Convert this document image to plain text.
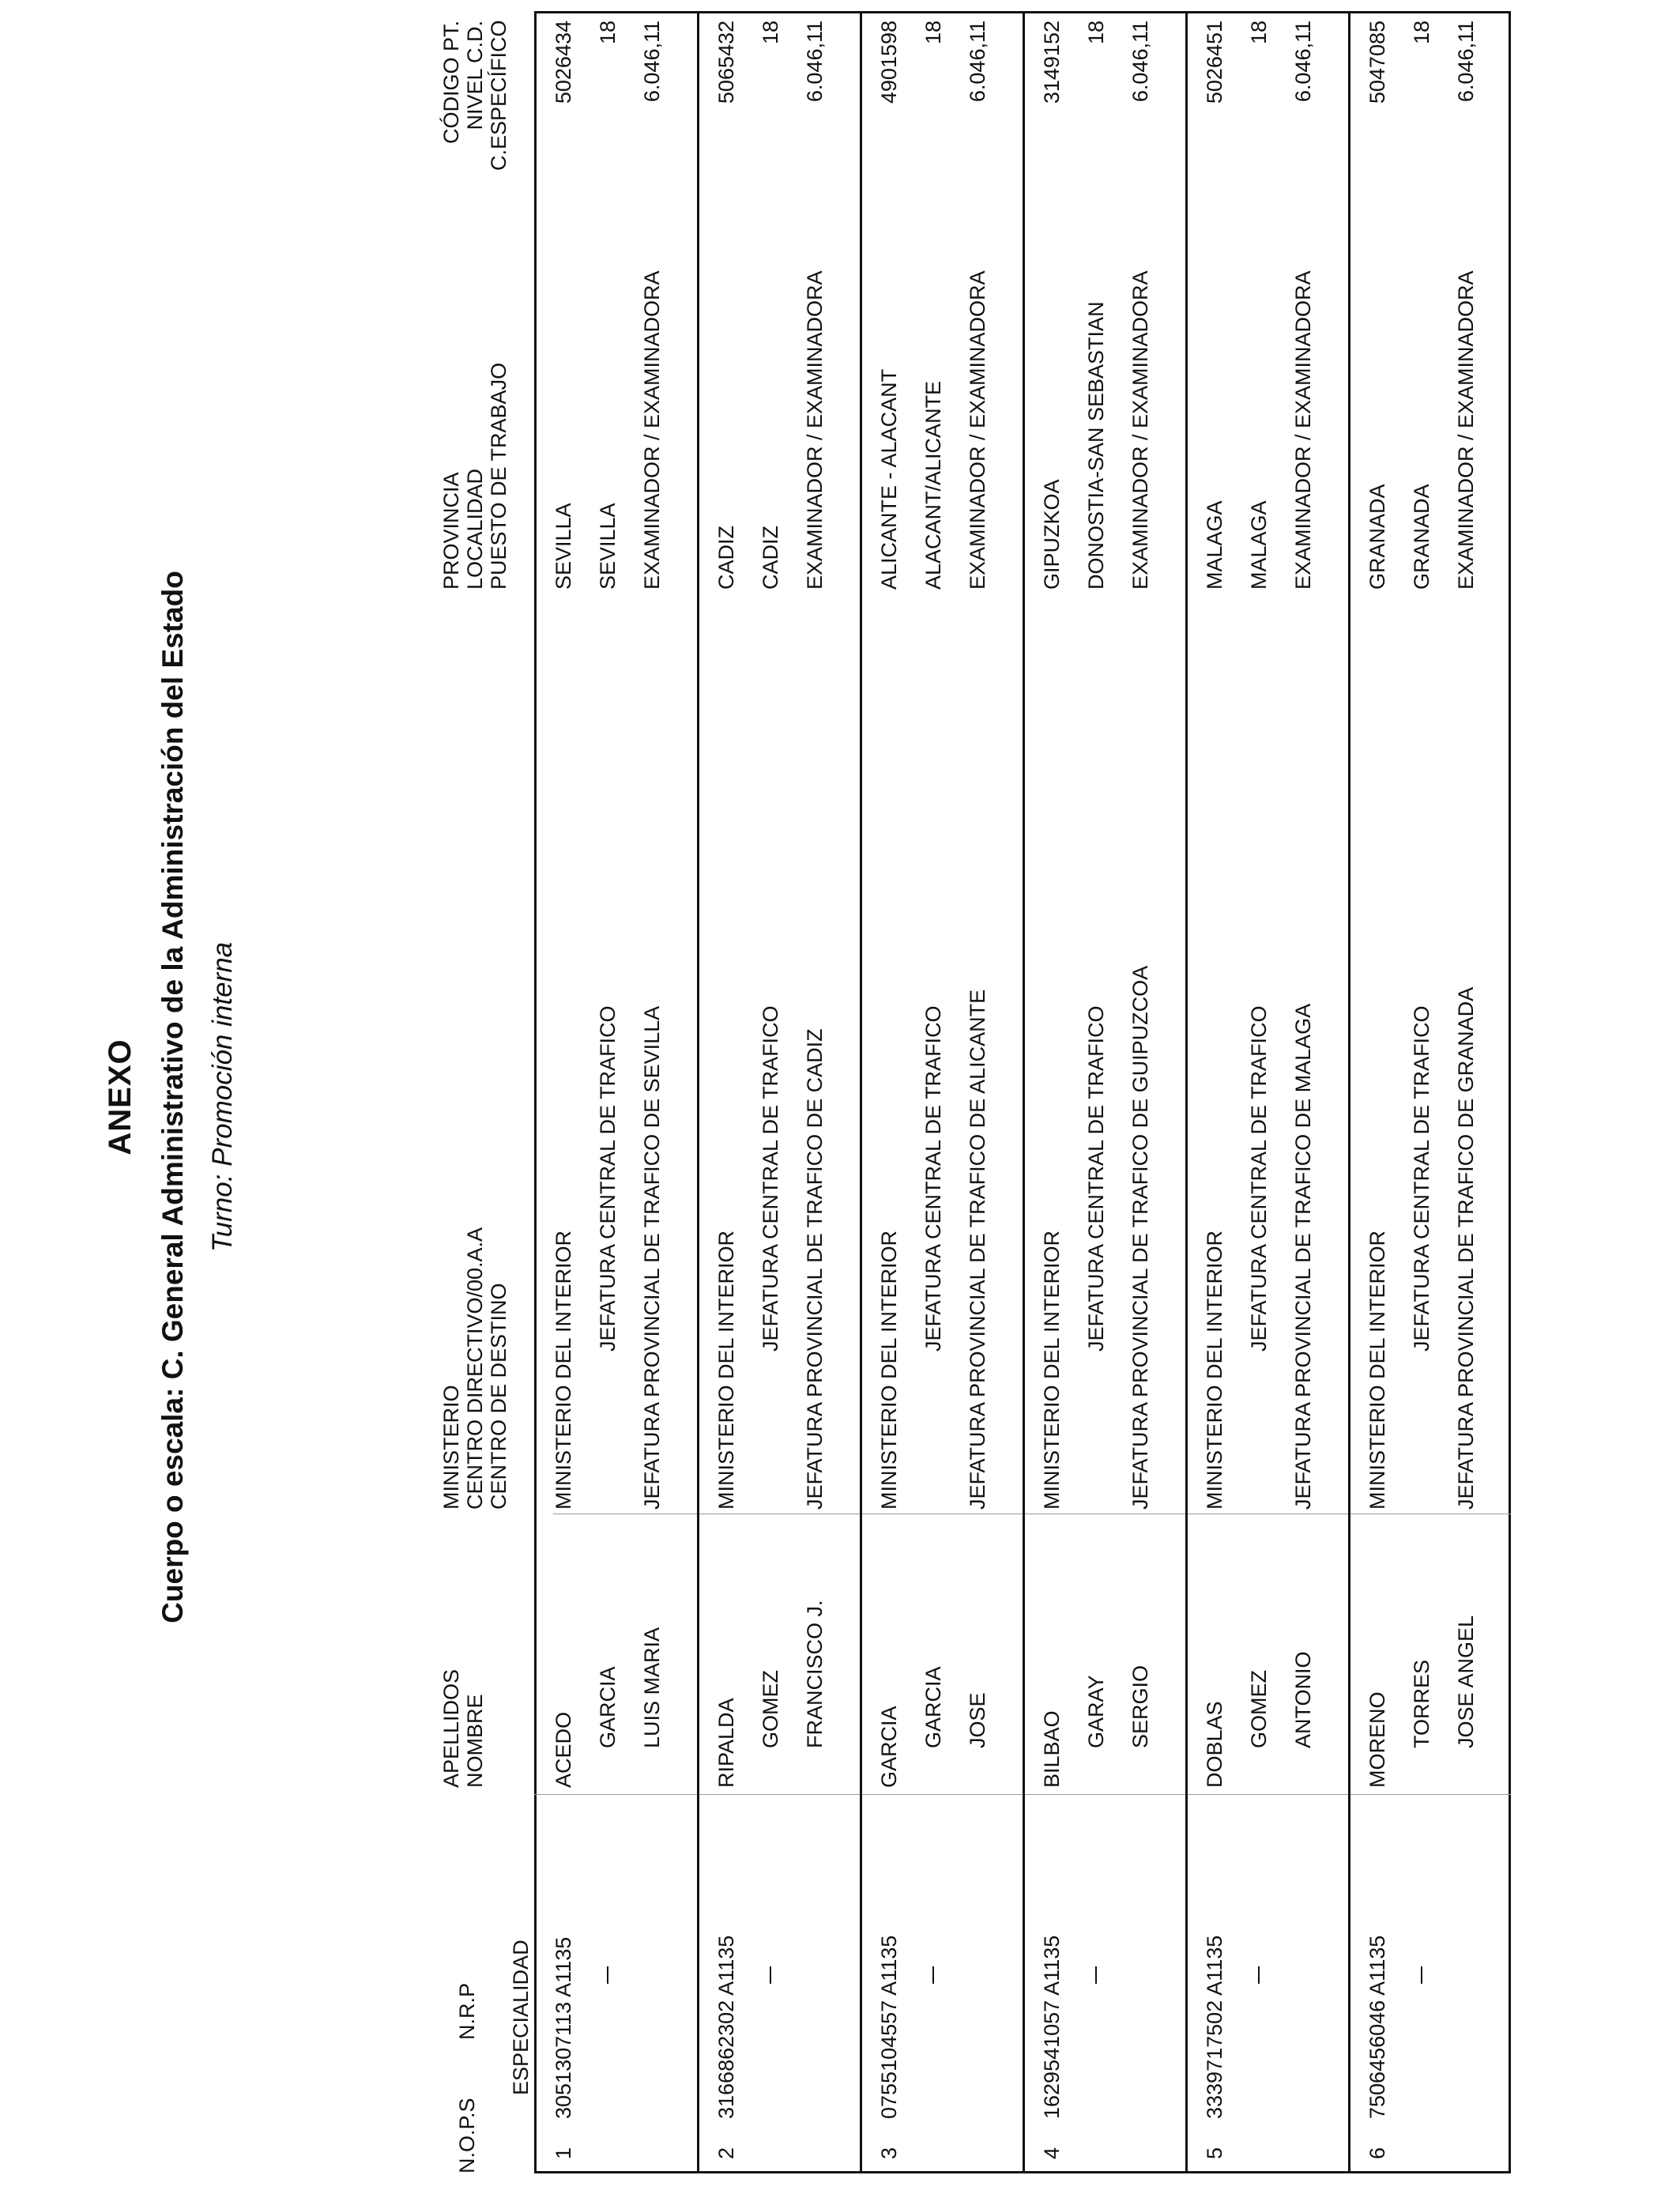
ANEXO Cuerpo o escala: C. General Administrativo de la Administración del Estado Turno: Promoción interna
N.O.P.S
N.R.P ESPECIALIDAD
APELLIDOS NOMBRE
MINISTERIO CENTRO DIRECTIVO/00.A.A CENTRO DE DESTINO
PROVINCIA LOCALIDAD PUESTO DE TRABAJO
CÓDIGO PT. NIVEL C.D. C.ESPECÍFICO
1
3051307113 A1135
ACEDO
GARCIA LUIS MARIA
MINISTERIO DEL INTERIOR
JEFATURA CENTRAL DE TRAFICO JEFATURA PROVINCIAL DE TRAFICO DE SEVILLA
SEVILLA SEVILLA EXAMINADOR / EXAMINADORA
5026434 18 6.046,11
2
3166862302 A1135
RIPALDA GOMEZ FRANCISCO J.
MINISTERIO DEL INTERIOR
JEFATURA CENTRAL DE TRAFICO JEFATURA PROVINCIAL DE TRAFICO DE CADIZ
CADIZ CADIZ EXAMINADOR / EXAMINADORA
5065432 18 6.046,11
3
0755104557 A1135
GARCIA GARCIA JOSE
MINISTERIO DEL INTERIOR
JEFATURA CENTRAL DE TRAFICO JEFATURA PROVINCIAL DE TRAFICO DE ALICANTE
ALICANTE - ALACANT ALACANT/ALICANTE EXAMINADOR / EXAMINADORA
4901598 18 6.046,11
4
1629541057 A1135
BILBAO GARAY SERGIO
MINISTERIO DEL INTERIOR
JEFATURA CENTRAL DE TRAFICO JEFATURA PROVINCIAL DE TRAFICO DE GUIPUZCOA
GIPUZKOA DONOSTIA-SAN SEBASTIAN EXAMINADOR / EXAMINADORA
3149152 18 6.046,11
5
3339717502 A1135
DOBLAS GOMEZ ANTONIO
MINISTERIO DEL INTERIOR
JEFATURA CENTRAL DE TRAFICO JEFATURA PROVINCIAL DE TRAFICO DE MALAGA
MALAGA MALAGA EXAMINADOR / EXAMINADORA
5026451 18 6.046,11
6
7506456046 A1135
MORENO TORRES JOSE ANGEL
MINISTERIO DEL INTERIOR
JEFATURA CENTRAL DE TRAFICO JEFATURA PROVINCIAL DE TRAFICO DE GRANADA
GRANADA GRANADA EXAMINADOR / EXAMINADORA
5047085 18 6.046,11
